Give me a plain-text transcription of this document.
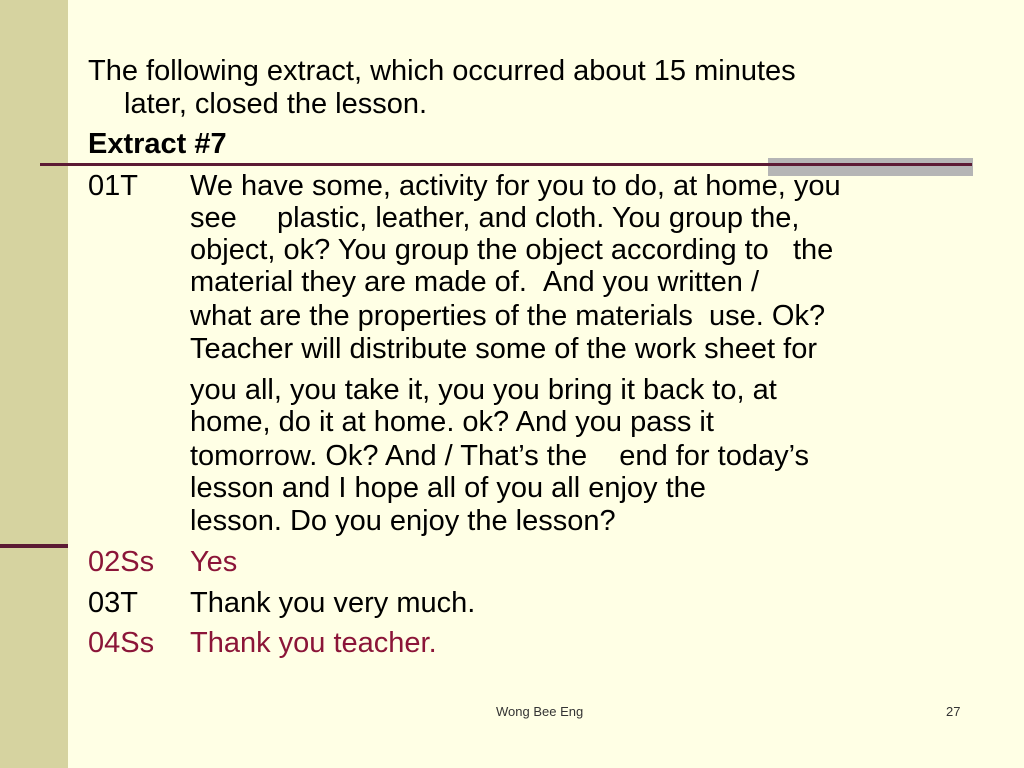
The following extract, which occurred about 15 minutes
later, closed the lesson.
Extract #7
01T We have some, activity for you to do, at home, you
see     plastic, leather, and cloth. You group the,
object, ok? You group the object according to   the
material they are made of.  And you written /
what are the properties of the materials  use. Ok?
Teacher will distribute some of the work sheet for
you all, you take it, you you bring it back to, at
home, do it at home. ok? And you pass it
tomorrow. Ok? And / That’s the    end for today’s
lesson and I hope all of you all enjoy the
lesson. Do you enjoy the lesson?
02Ss Yes
03T Thank you very much.
04Ss Thank you teacher.
Wong Bee Eng	27
